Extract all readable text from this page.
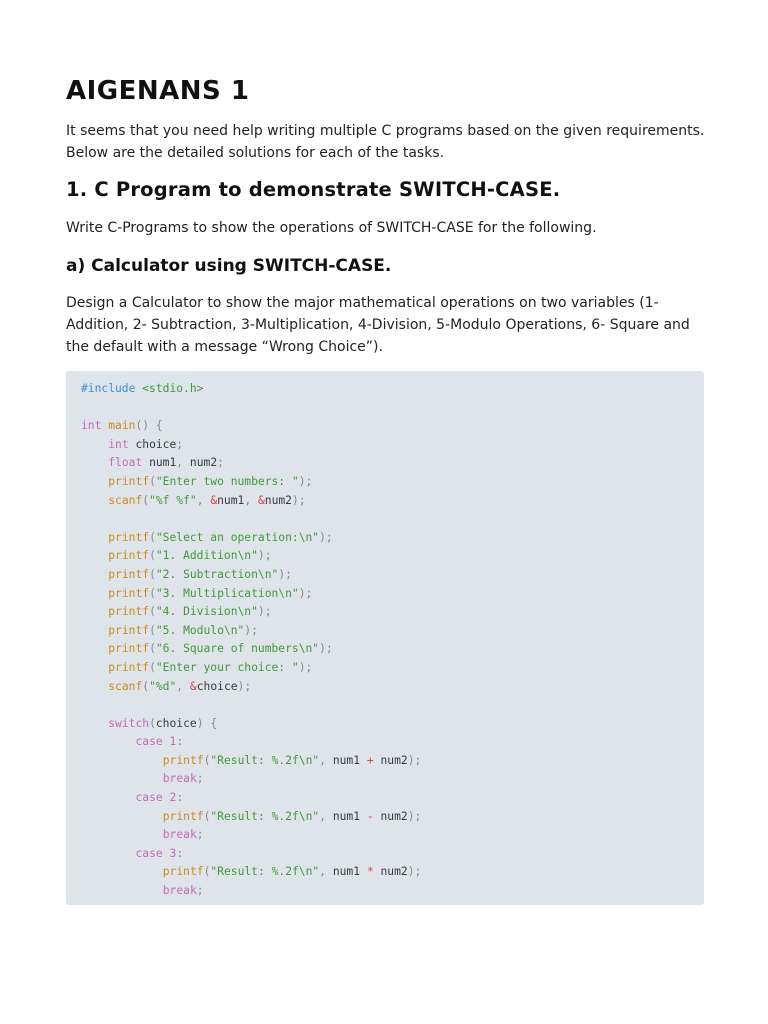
AIGENANS 1

It seems that you need help writing multiple C programs based on the given requirements. Below are the detailed solutions for each of the tasks.

1. C Program to demonstrate SWITCH-CASE.

Write C-Programs to show the operations of SWITCH-CASE for the following.

a) Calculator using SWITCH-CASE.

Design a Calculator to show the major mathematical operations on two variables (1- Addition, 2- Subtraction, 3-Multiplication, 4-Division, 5-Modulo Operations, 6- Square and the default with a message “Wrong Choice”).

#include <stdio.h>

int main() {
int choice;
float num1, num2;
printf("Enter two numbers: ");
scanf("%f %f", &num1, &num2);

printf("Select an operation:\n");
printf("1. Addition\n");
printf("2. Subtraction\n");
printf("3. Multiplication\n");
printf("4. Division\n");
printf("5. Modulo\n");
printf("6. Square of numbers\n");
printf("Enter your choice: ");
scanf("%d", &choice);

switch(choice) {
case 1:
printf("Result: %.2f\n", num1 + num2);
break;
case 2:
printf("Result: %.2f\n", num1 - num2);
break;
case 3:
printf("Result: %.2f\n", num1 * num2);
break;
